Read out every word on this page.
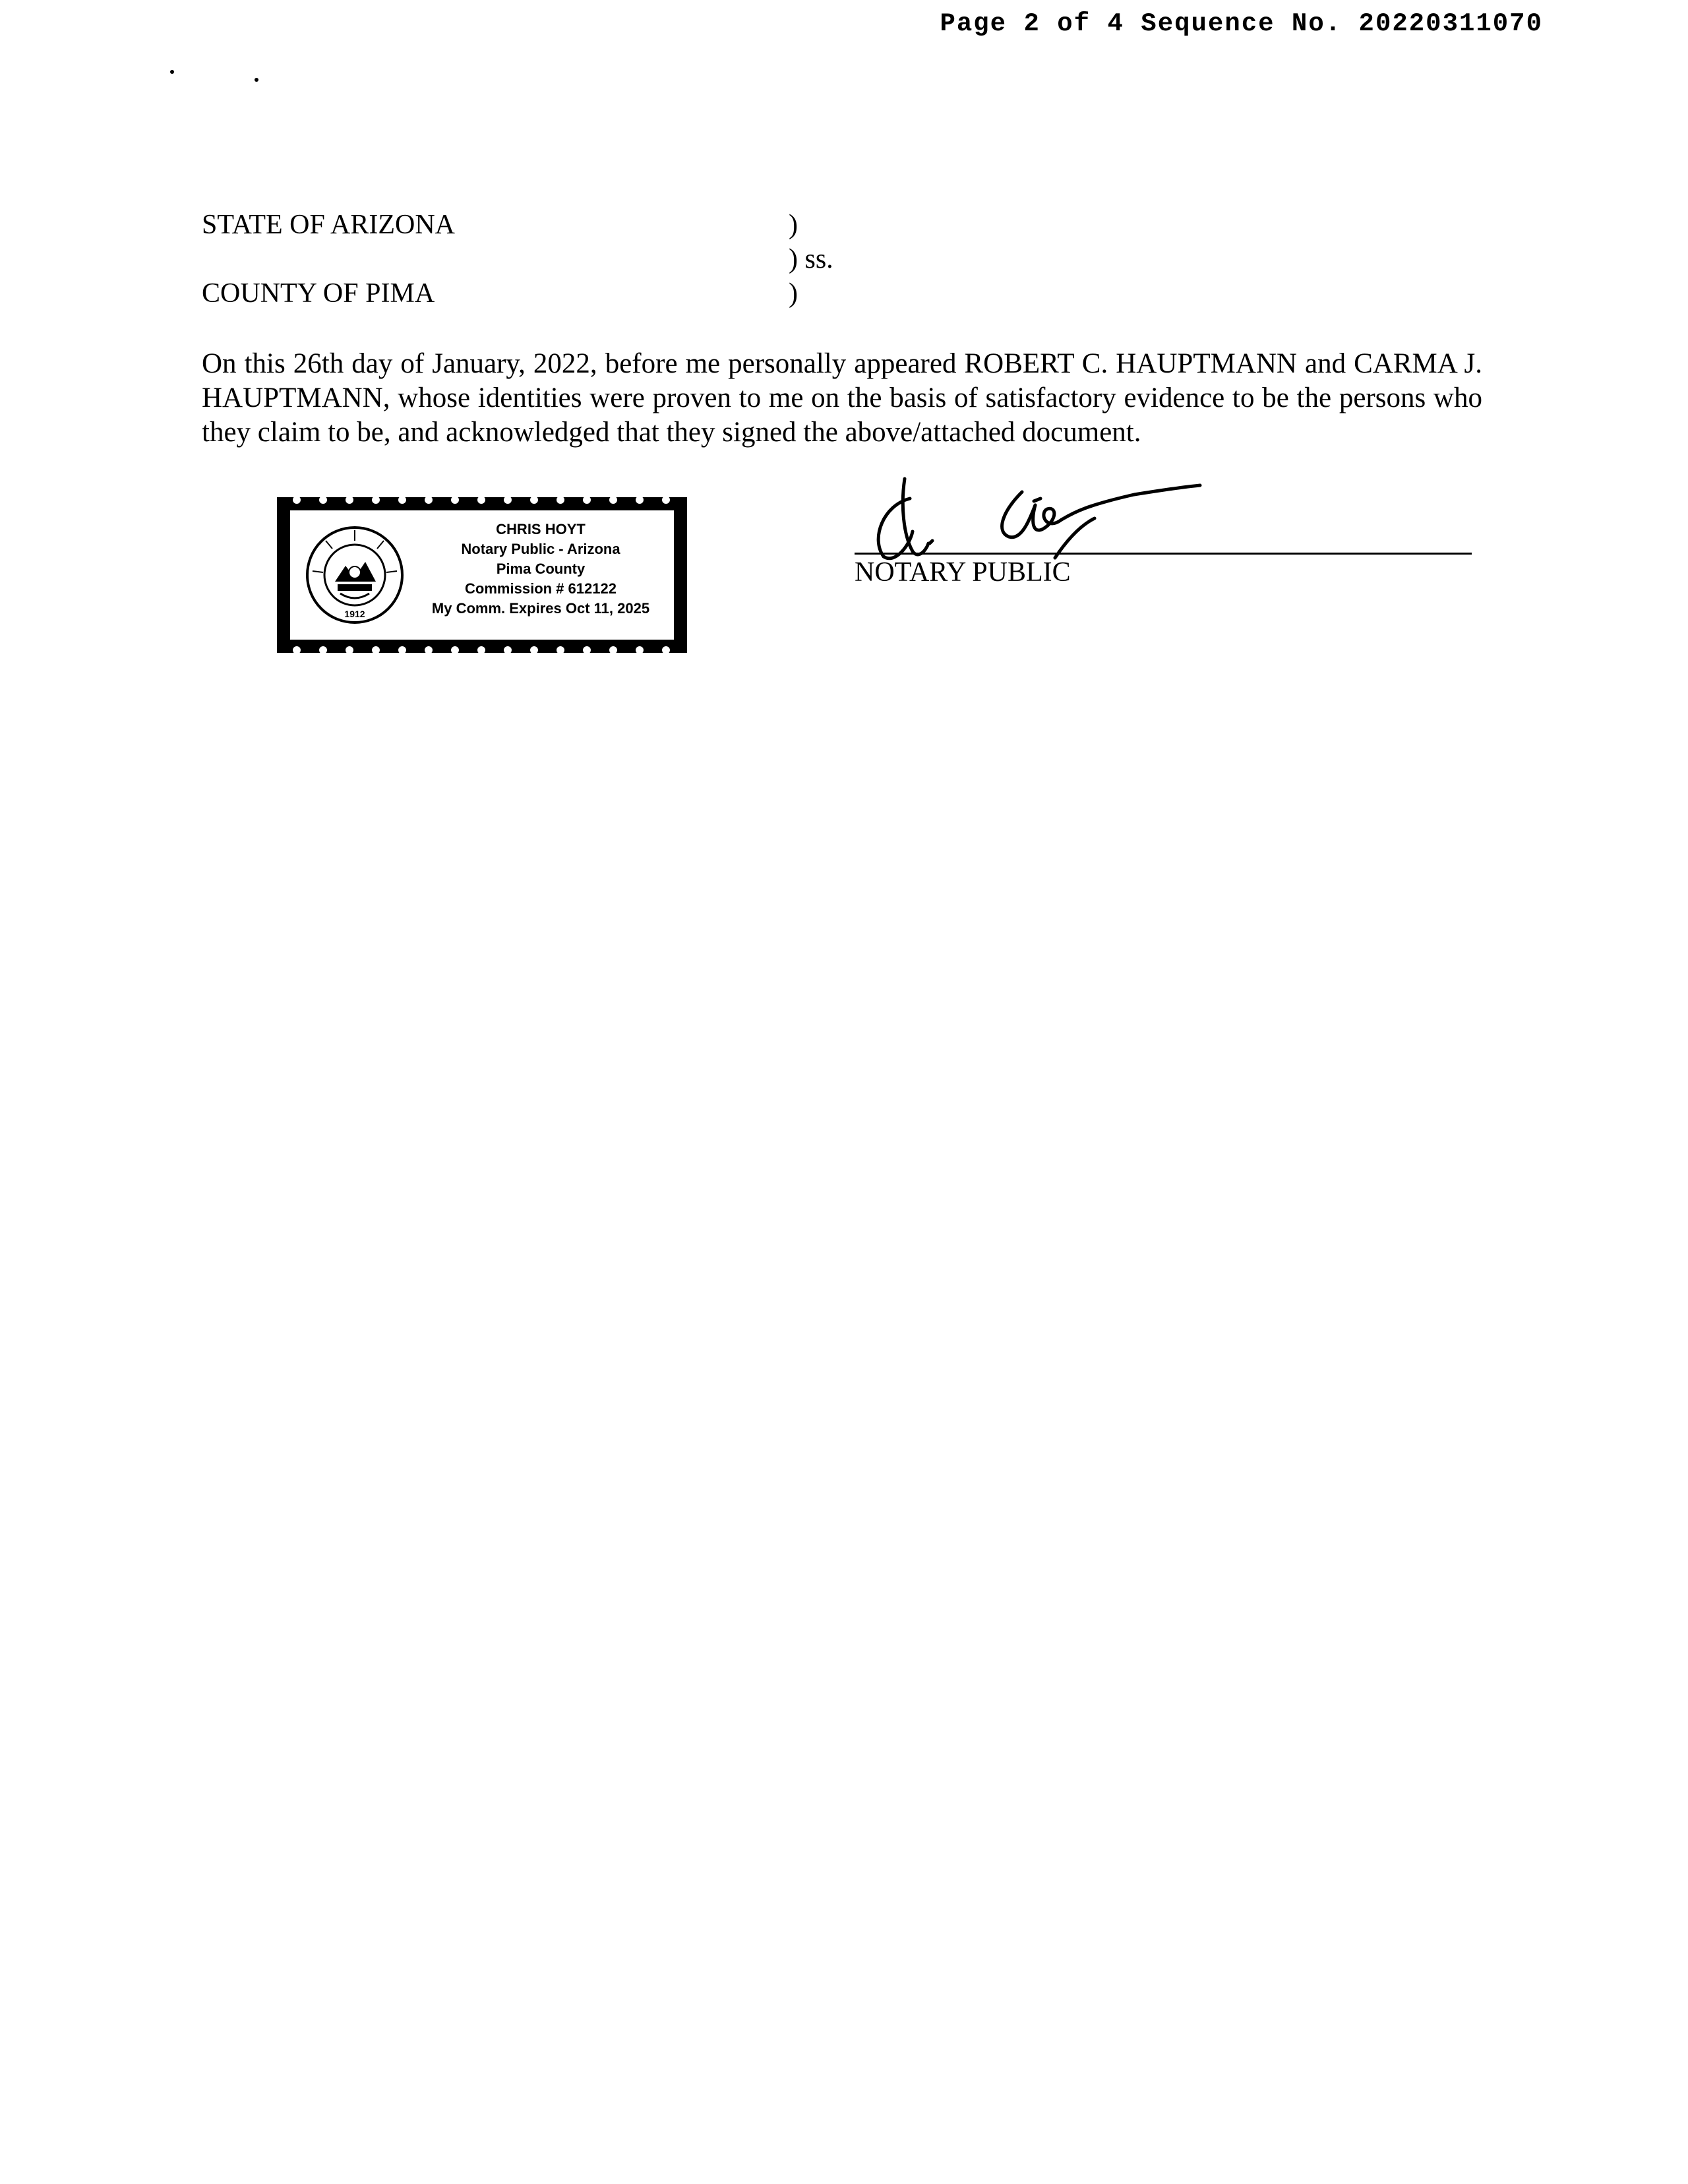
Page 2 of 4 Sequence No. 20220311070
STATE OF ARIZONA
COUNTY OF PIMA
)
) ss.
)
On this 26th day of January, 2022, before me personally appeared ROBERT C. HAUPTMANN and CARMA J. HAUPTMANN, whose identities were proven to me on the basis of satisfactory evidence to be the persons who they claim to be, and acknowledged that they signed the above/attached document.
1912
CHRIS HOYT
Notary Public - Arizona
Pima County
Commission # 612122
My Comm. Expires Oct 11, 2025
NOTARY PUBLIC
